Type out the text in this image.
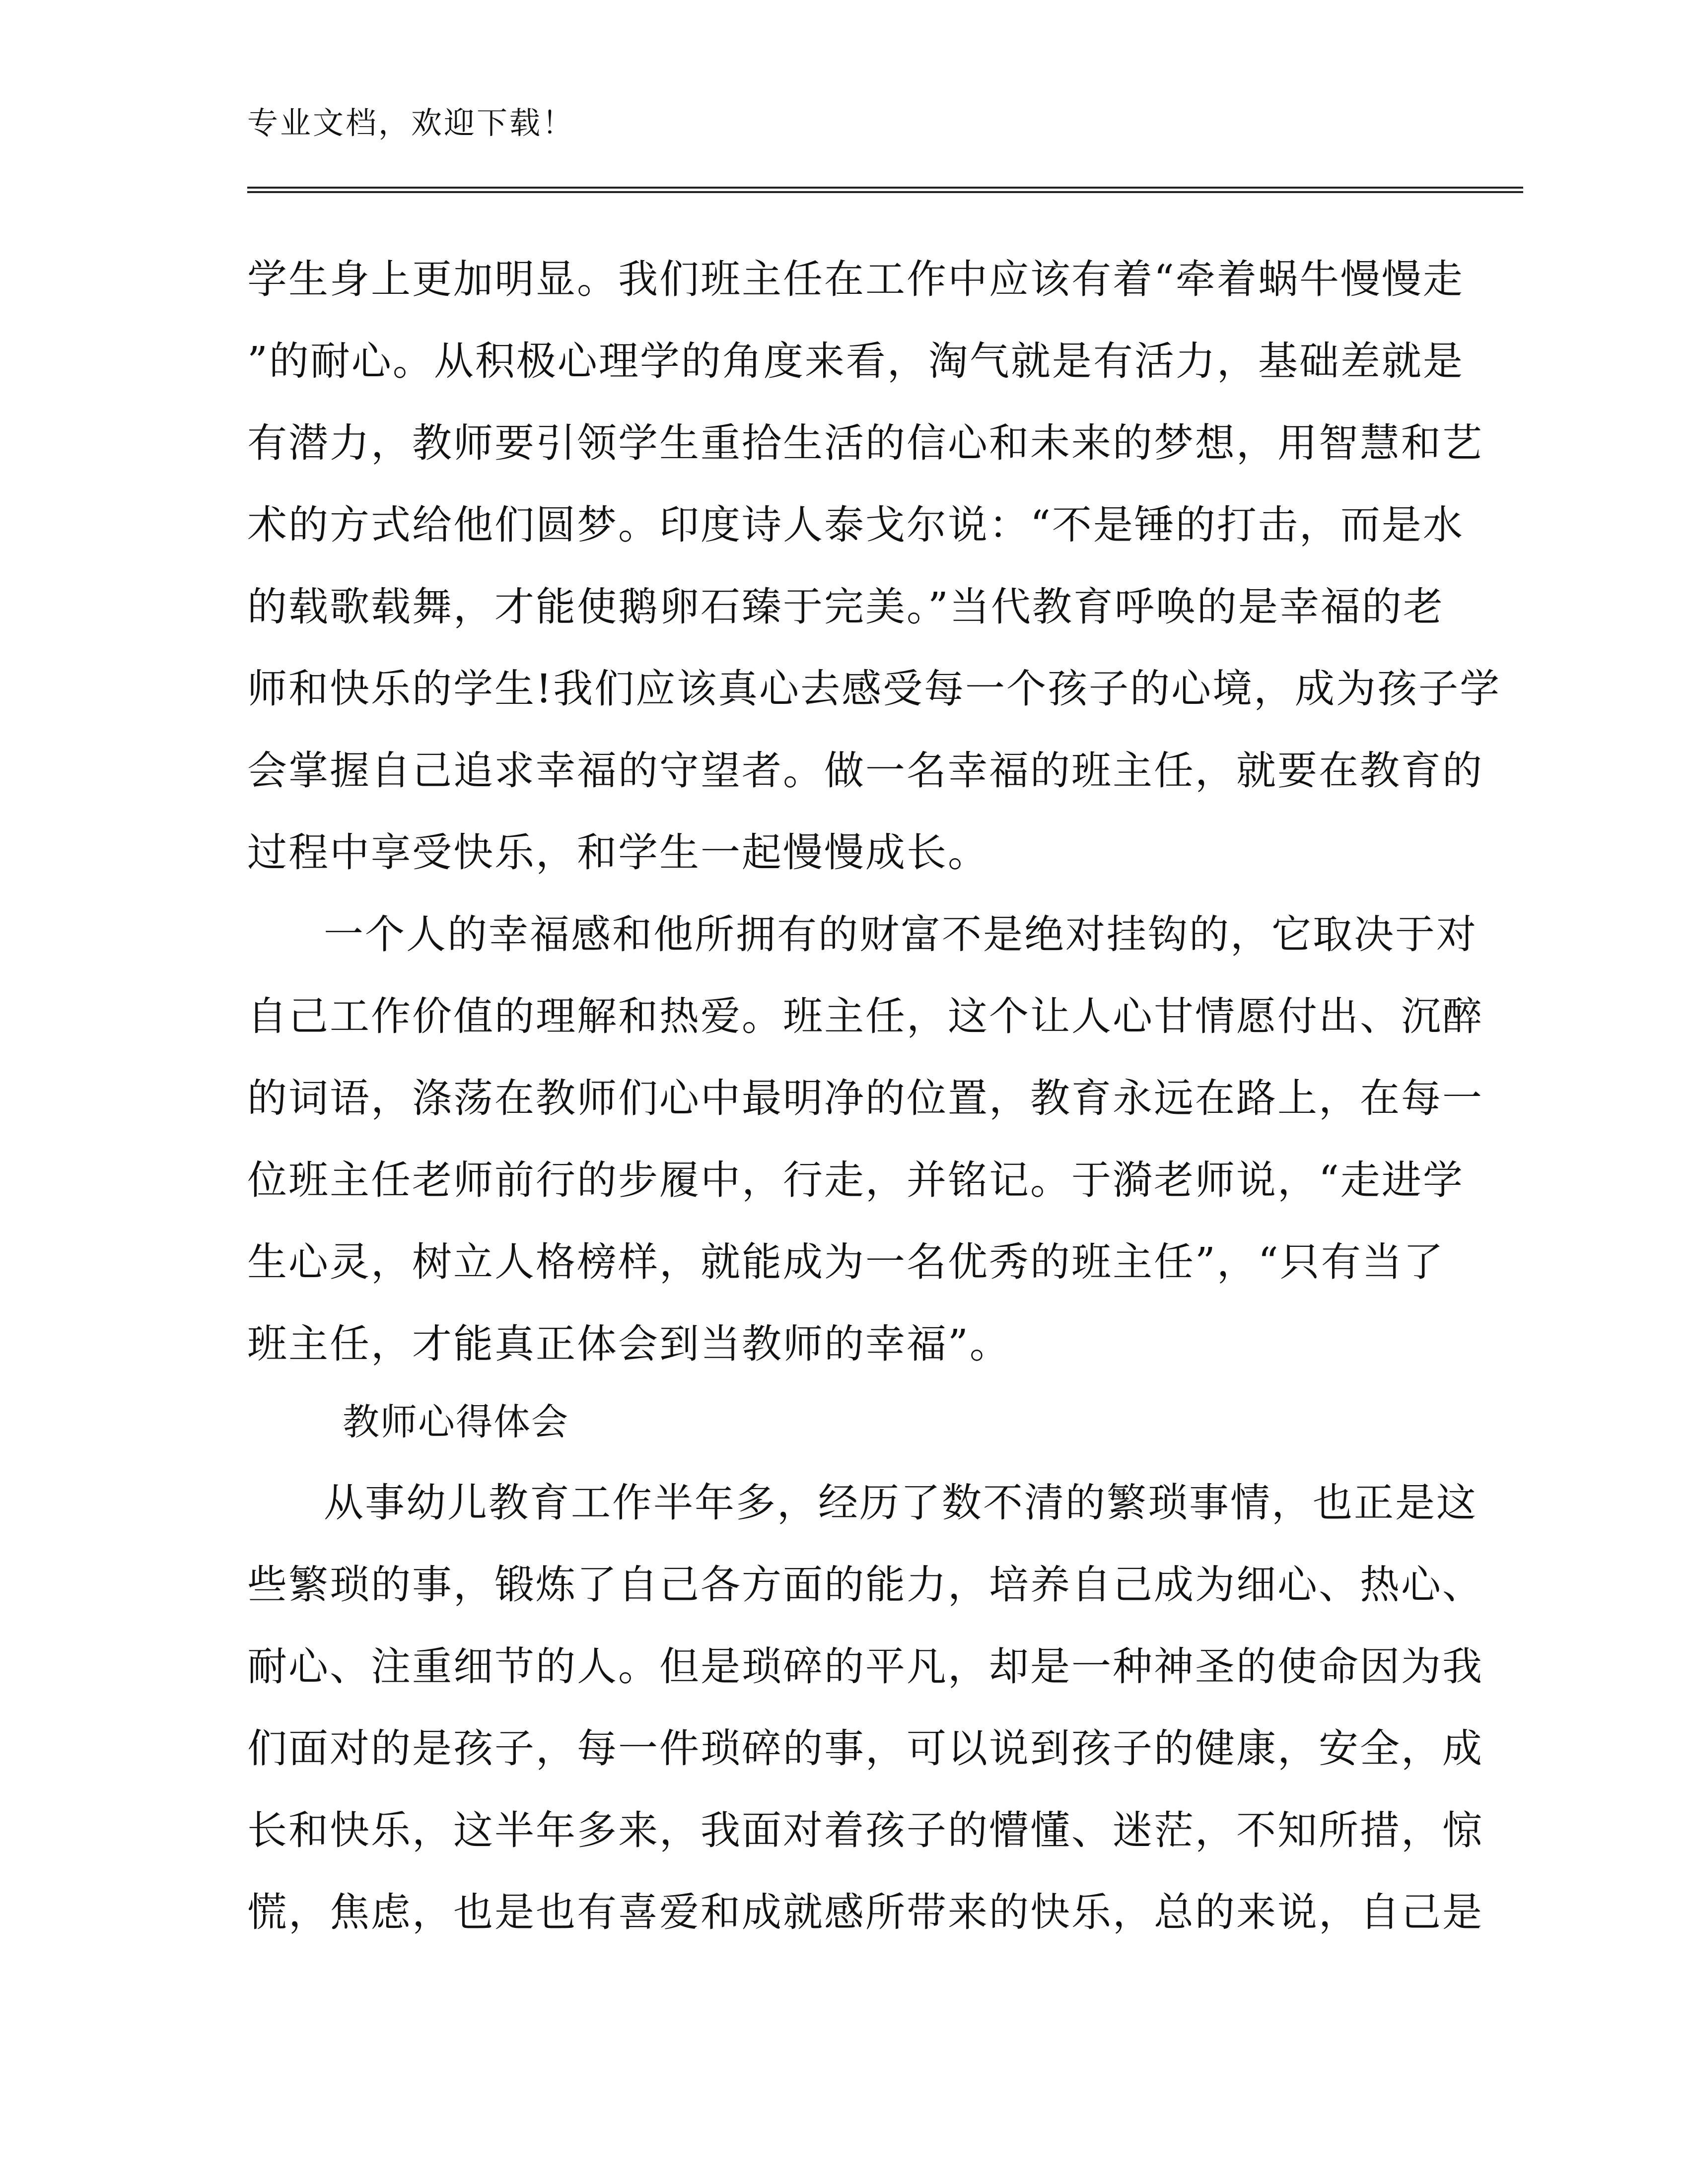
专业文档，欢迎下载！
学生身上更加明显。我们班主任在工作中应该有着“牵着蜗牛慢慢走
”的耐心。从积极心理学的角度来看，淘气就是有活力，基础差就是
有潜力，教师要引领学生重拾生活的信心和未来的梦想，用智慧和艺
术的方式给他们圆梦。印度诗人泰戈尔说：“不是锤的打击，而是水
的载歌载舞，才能使鹅卵石臻于完美。”当代教育呼唤的是幸福的老
师和快乐的学生!我们应该真心去感受每一个孩子的心境，成为孩子学
会掌握自己追求幸福的守望者。做一名幸福的班主任，就要在教育的
过程中享受快乐，和学生一起慢慢成长。
一个人的幸福感和他所拥有的财富不是绝对挂钩的，它取决于对
自己工作价值的理解和热爱。班主任，这个让人心甘情愿付出、沉醉
的词语，涤荡在教师们心中最明净的位置，教育永远在路上，在每一
位班主任老师前行的步履中，行走，并铭记。于漪老师说，“走进学
生心灵，树立人格榜样，就能成为一名优秀的班主任”，“只有当了
班主任，才能真正体会到当教师的幸福”。
教师心得体会
从事幼儿教育工作半年多，经历了数不清的繁琐事情，也正是这
些繁琐的事，锻炼了自己各方面的能力，培养自己成为细心、热心、
耐心、注重细节的人。但是琐碎的平凡，却是一种神圣的使命因为我
们面对的是孩子，每一件琐碎的事，可以说到孩子的健康，安全，成
长和快乐，这半年多来，我面对着孩子的懵懂、迷茫，不知所措，惊
慌，焦虑，也是也有喜爱和成就感所带来的快乐，总的来说，自己是
